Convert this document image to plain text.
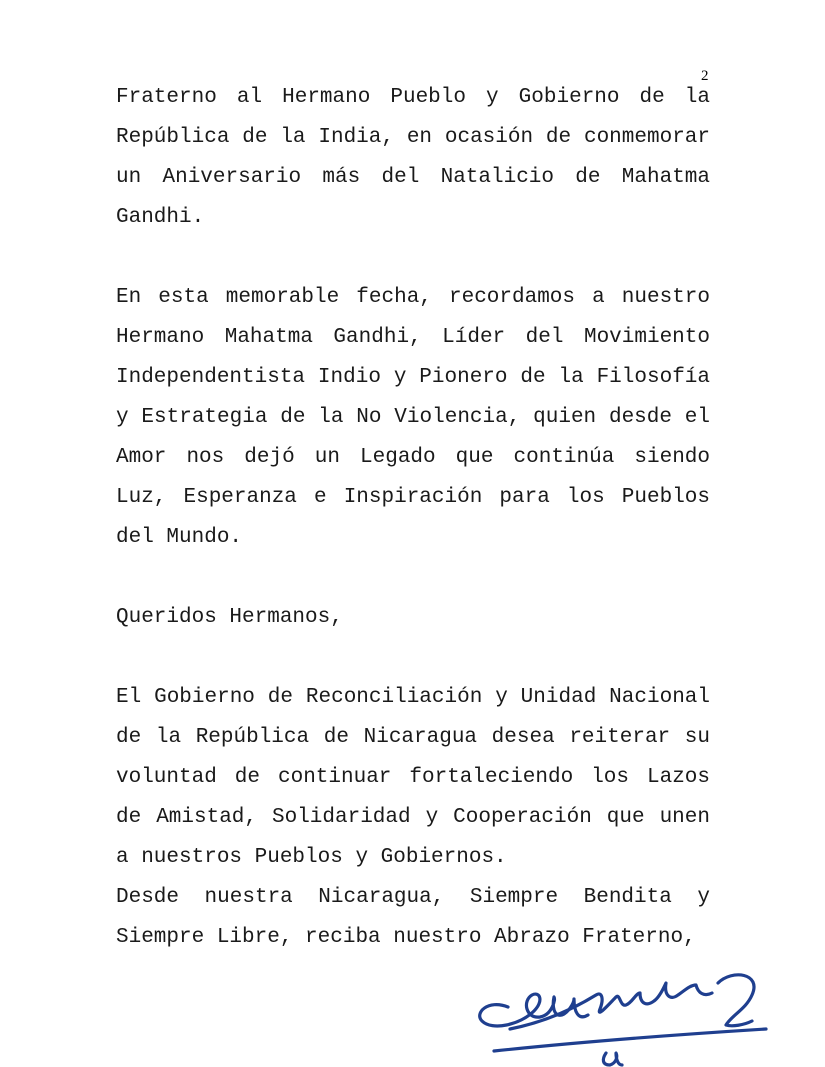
2

Fraterno al Hermano Pueblo y Gobierno de la República de la India, en ocasión de conmemorar un Aniversario más del Natalicio de Mahatma Gandhi.

En esta memorable fecha, recordamos a nuestro Hermano Mahatma Gandhi, Líder del Movimiento Independentista Indio y Pionero de la Filosofía y Estrategia de la No Violencia, quien desde el Amor nos dejó un Legado que continúa siendo Luz, Esperanza e Inspiración para los Pueblos del Mundo.

Queridos Hermanos,

El Gobierno de Reconciliación y Unidad Nacional de la República de Nicaragua desea reiterar su voluntad de continuar fortaleciendo los Lazos de Amistad, Solidaridad y Cooperación que unen a nuestros Pueblos y Gobiernos.

Desde nuestra Nicaragua, Siempre Bendita y Siempre Libre, reciba nuestro Abrazo Fraterno,
